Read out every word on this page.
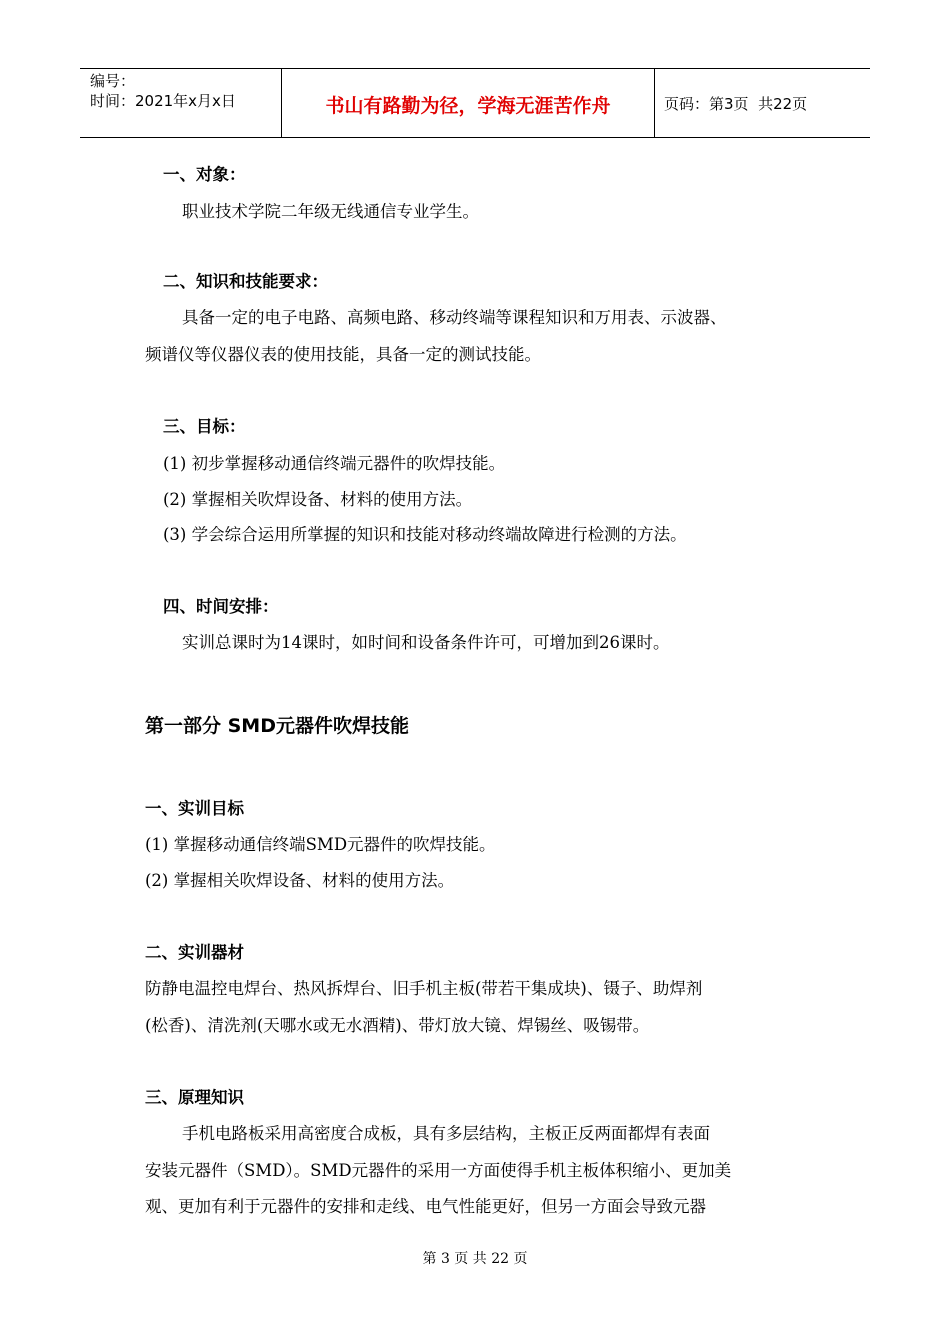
编号：
时间：2021年x月x日	书山有路勤为径，学海无涯苦作舟	页码：第3页  共22页
一、对象：
职业技术学院二年级无线通信专业学生。
二、知识和技能要求：
具备一定的电子电路、高频电路、移动终端等课程知识和万用表、示波器、
频谱仪等仪器仪表的使用技能，具备一定的测试技能。
三、目标：
(1) 初步掌握移动通信终端元器件的吹焊技能。
(2) 掌握相关吹焊设备、材料的使用方法。
(3) 学会综合运用所掌握的知识和技能对移动终端故障进行检测的方法。
四、时间安排：
实训总课时为14课时，如时间和设备条件许可，可增加到26课时。
第一部分 SMD元器件吹焊技能
一、实训目标
(1) 掌握移动通信终端SMD元器件的吹焊技能。
(2) 掌握相关吹焊设备、材料的使用方法。
二、实训器材
防静电温控电焊台、热风拆焊台、旧手机主板(带若干集成块)、镊子、助焊剂
(松香)、清洗剂(天哪水或无水酒精)、带灯放大镜、焊锡丝、吸锡带。
三、原理知识
手机电路板采用高密度合成板，具有多层结构，主板正反两面都焊有表面
安装元器件（SMD）。SMD元器件的采用一方面使得手机主板体积缩小、更加美
观、更加有利于元器件的安排和走线、电气性能更好，但另一方面会导致元器
第 3 页 共 22 页
